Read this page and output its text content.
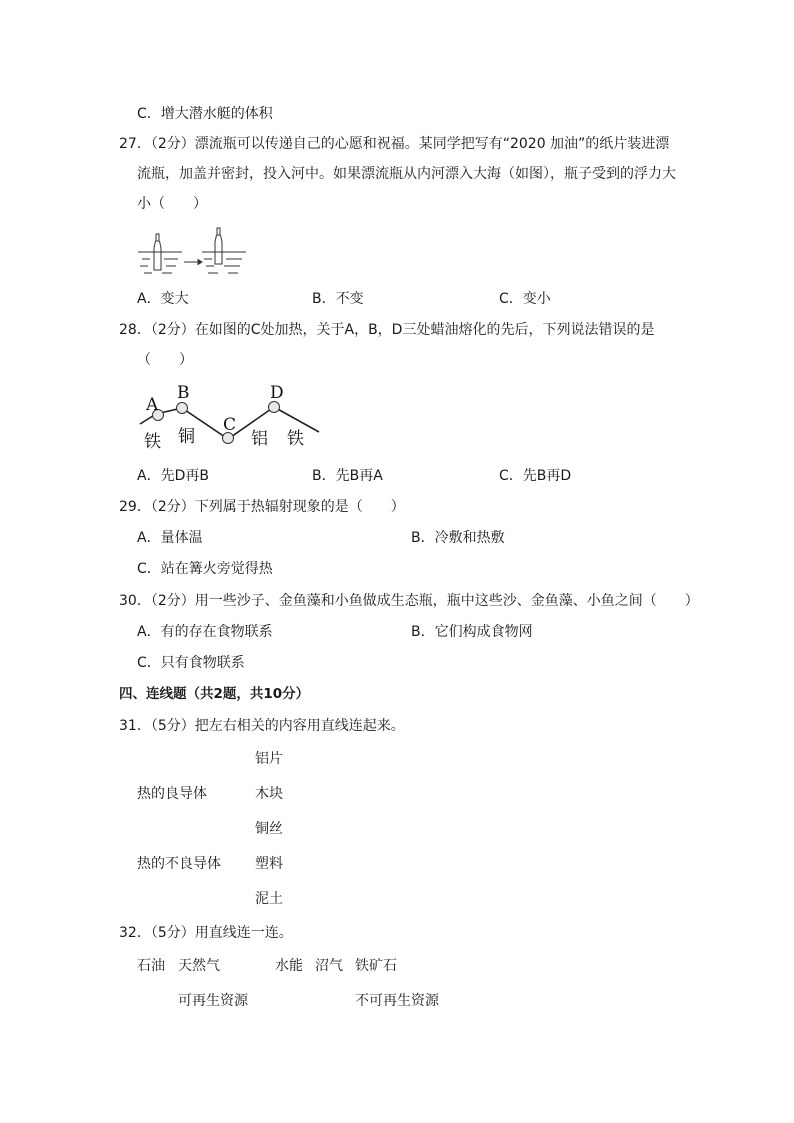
C．增大潜水艇的体积
27．（2分）漂流瓶可以传递自己的心愿和祝福。某同学把写有“2020 加油”的纸片装进漂
流瓶，加盖并密封，投入河中。如果漂流瓶从内河漂入大海（如图），瓶子受到的浮力大
小（　　）
A．变大	B．不变	C．变小
28．（2分）在如图的C处加热，关于A，B，D三处蜡油熔化的先后，下列说法错误的是
（　　）
A
B
C
D
铁 铜	铝 铁
A．先D再B	B．先B再A	C．先B再D
29．（2分）下列属于热辐射现象的是（　　）
A．量体温	B．冷敷和热敷
C．站在篝火旁觉得热
30．（2分）用一些沙子、金鱼藻和小鱼做成生态瓶，瓶中这些沙、金鱼藻、小鱼之间（　　）
A．有的存在食物联系	B．它们构成食物网
C．只有食物联系
四、连线题（共2题，共10分）
31．（5分）把左右相关的内容用直线连起来。
铝片
热的良导体	木块
铜丝
热的不良导体 塑料
泥土
32．（5分）用直线连一连。
石油 天然气	水能 沼气 铁矿石
可再生资源	不可再生资源
